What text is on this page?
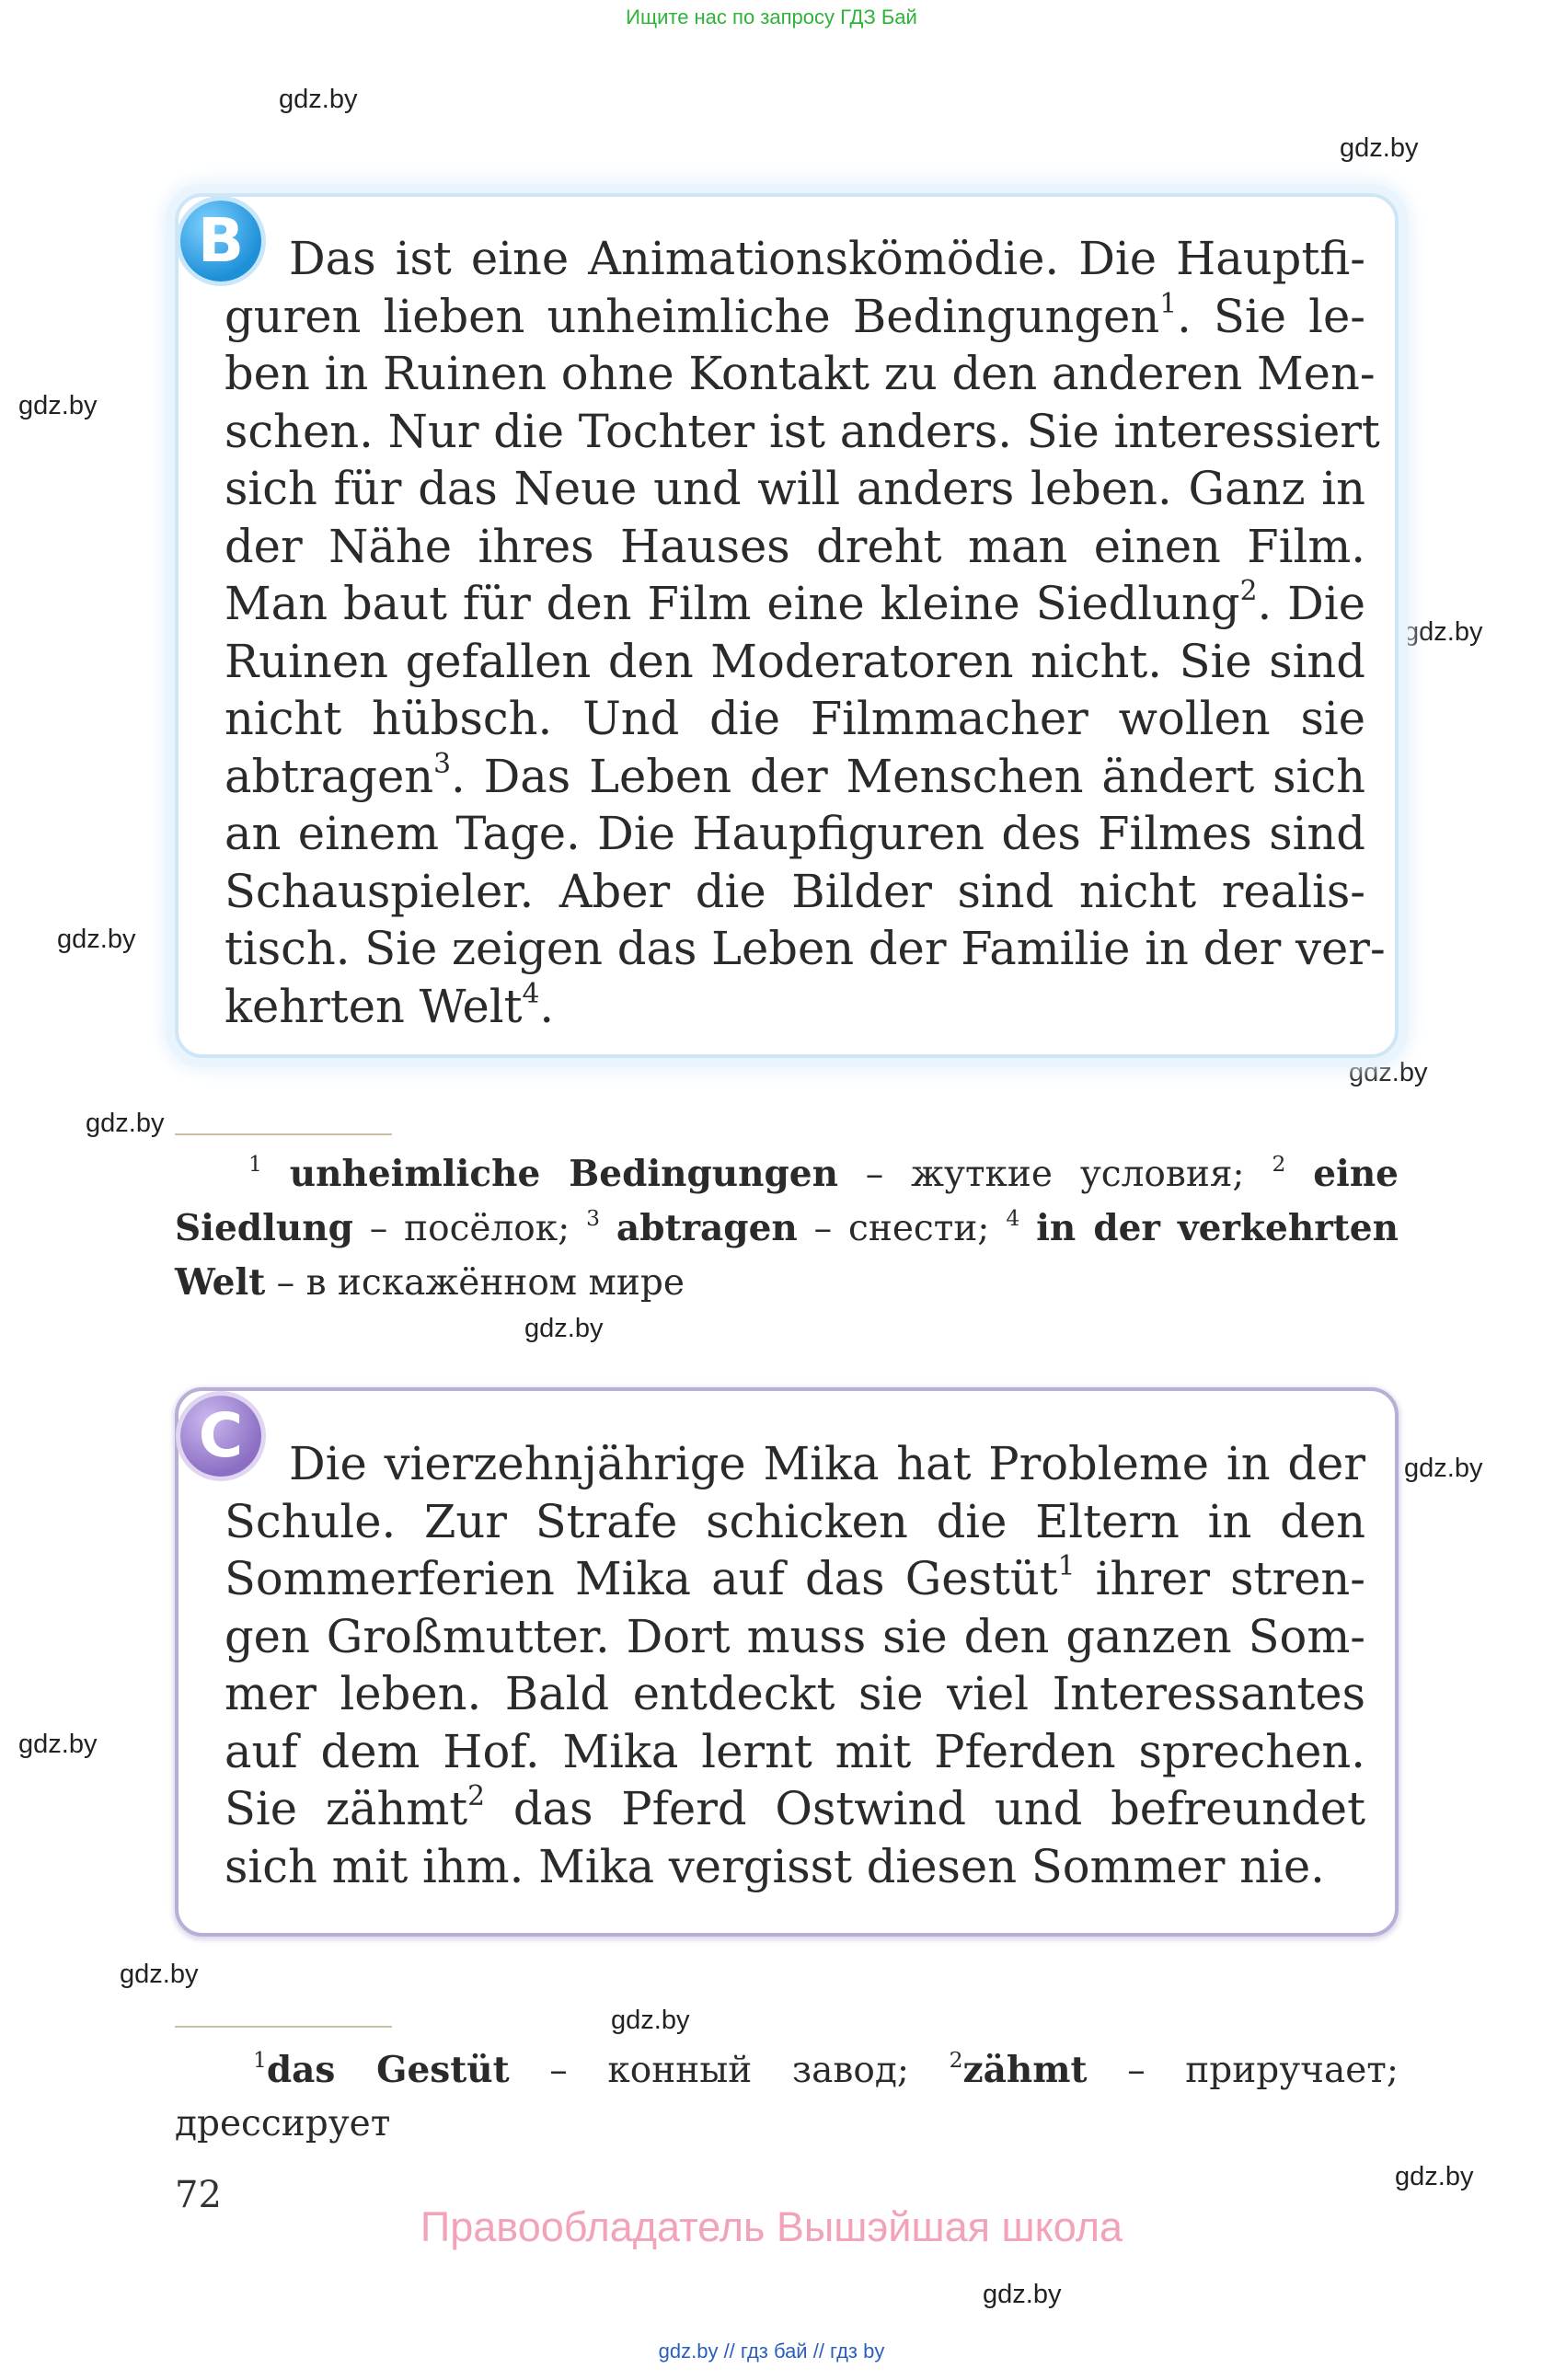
Ищите нас по запросу ГДЗ Бай
gdz.by
gdz.by
gdz.by
gdz.by
gdz.by
gdz.by
gdz.by
gdz.by
gdz.by
gdz.by
gdz.by
gdz.by
gdz.by
gdz.by
B Das ist eine Animationskömödie. Die Hauptfi-
guren lieben unheimliche Bedingungen$^1$. Sie le-
ben in Ruinen ohne Kontakt zu den anderen Men-
schen. Nur die Tochter ist anders. Sie interessiert
sich für das Neue und will anders leben. Ganz in
der Nähe ihres Hauses dreht man einen Film.
Man baut für den Film eine kleine Siedlung$^2$. Die
Ruinen gefallen den Moderatoren nicht. Sie sind
nicht hübsch. Und die Filmmacher wollen sie
abtragen$^3$. Das Leben der Menschen ändert sich
an einem Tage. Die Haupfiguren des Filmes sind
Schauspieler. Aber die Bilder sind nicht realis-
tisch. Sie zeigen das Leben der Familie in der ver-
kehrten Welt$^4$.
$^1$ unheimliche Bedingungen – жуткие условия; $^2$ eine
Siedlung – посёлок; $^3$ abtragen – снести; $^4$ in der verkehrten
Welt – в искажённом мире
C	Die vierzehnjährige Mika hat Probleme in der
Schule. Zur Strafe schicken die Eltern in den
Sommerferien Mika auf das Gestüt$^1$ ihrer stren-
gen Großmutter. Dort muss sie den ganzen Som-
mer leben. Bald entdeckt sie viel Interessantes
auf dem Hof. Mika lernt mit Pferden sprechen.
Sie zähmt$^2$ das Pferd Ostwind und befreundet
sich mit ihm. Mika vergisst diesen Sommer nie.
$^1$das Gestüt – конный завод; $^2$zähmt – приручает;
дрессирует
72
Правообладатель Вышэйшая школа
gdz.by // гдз бай // гдз by
